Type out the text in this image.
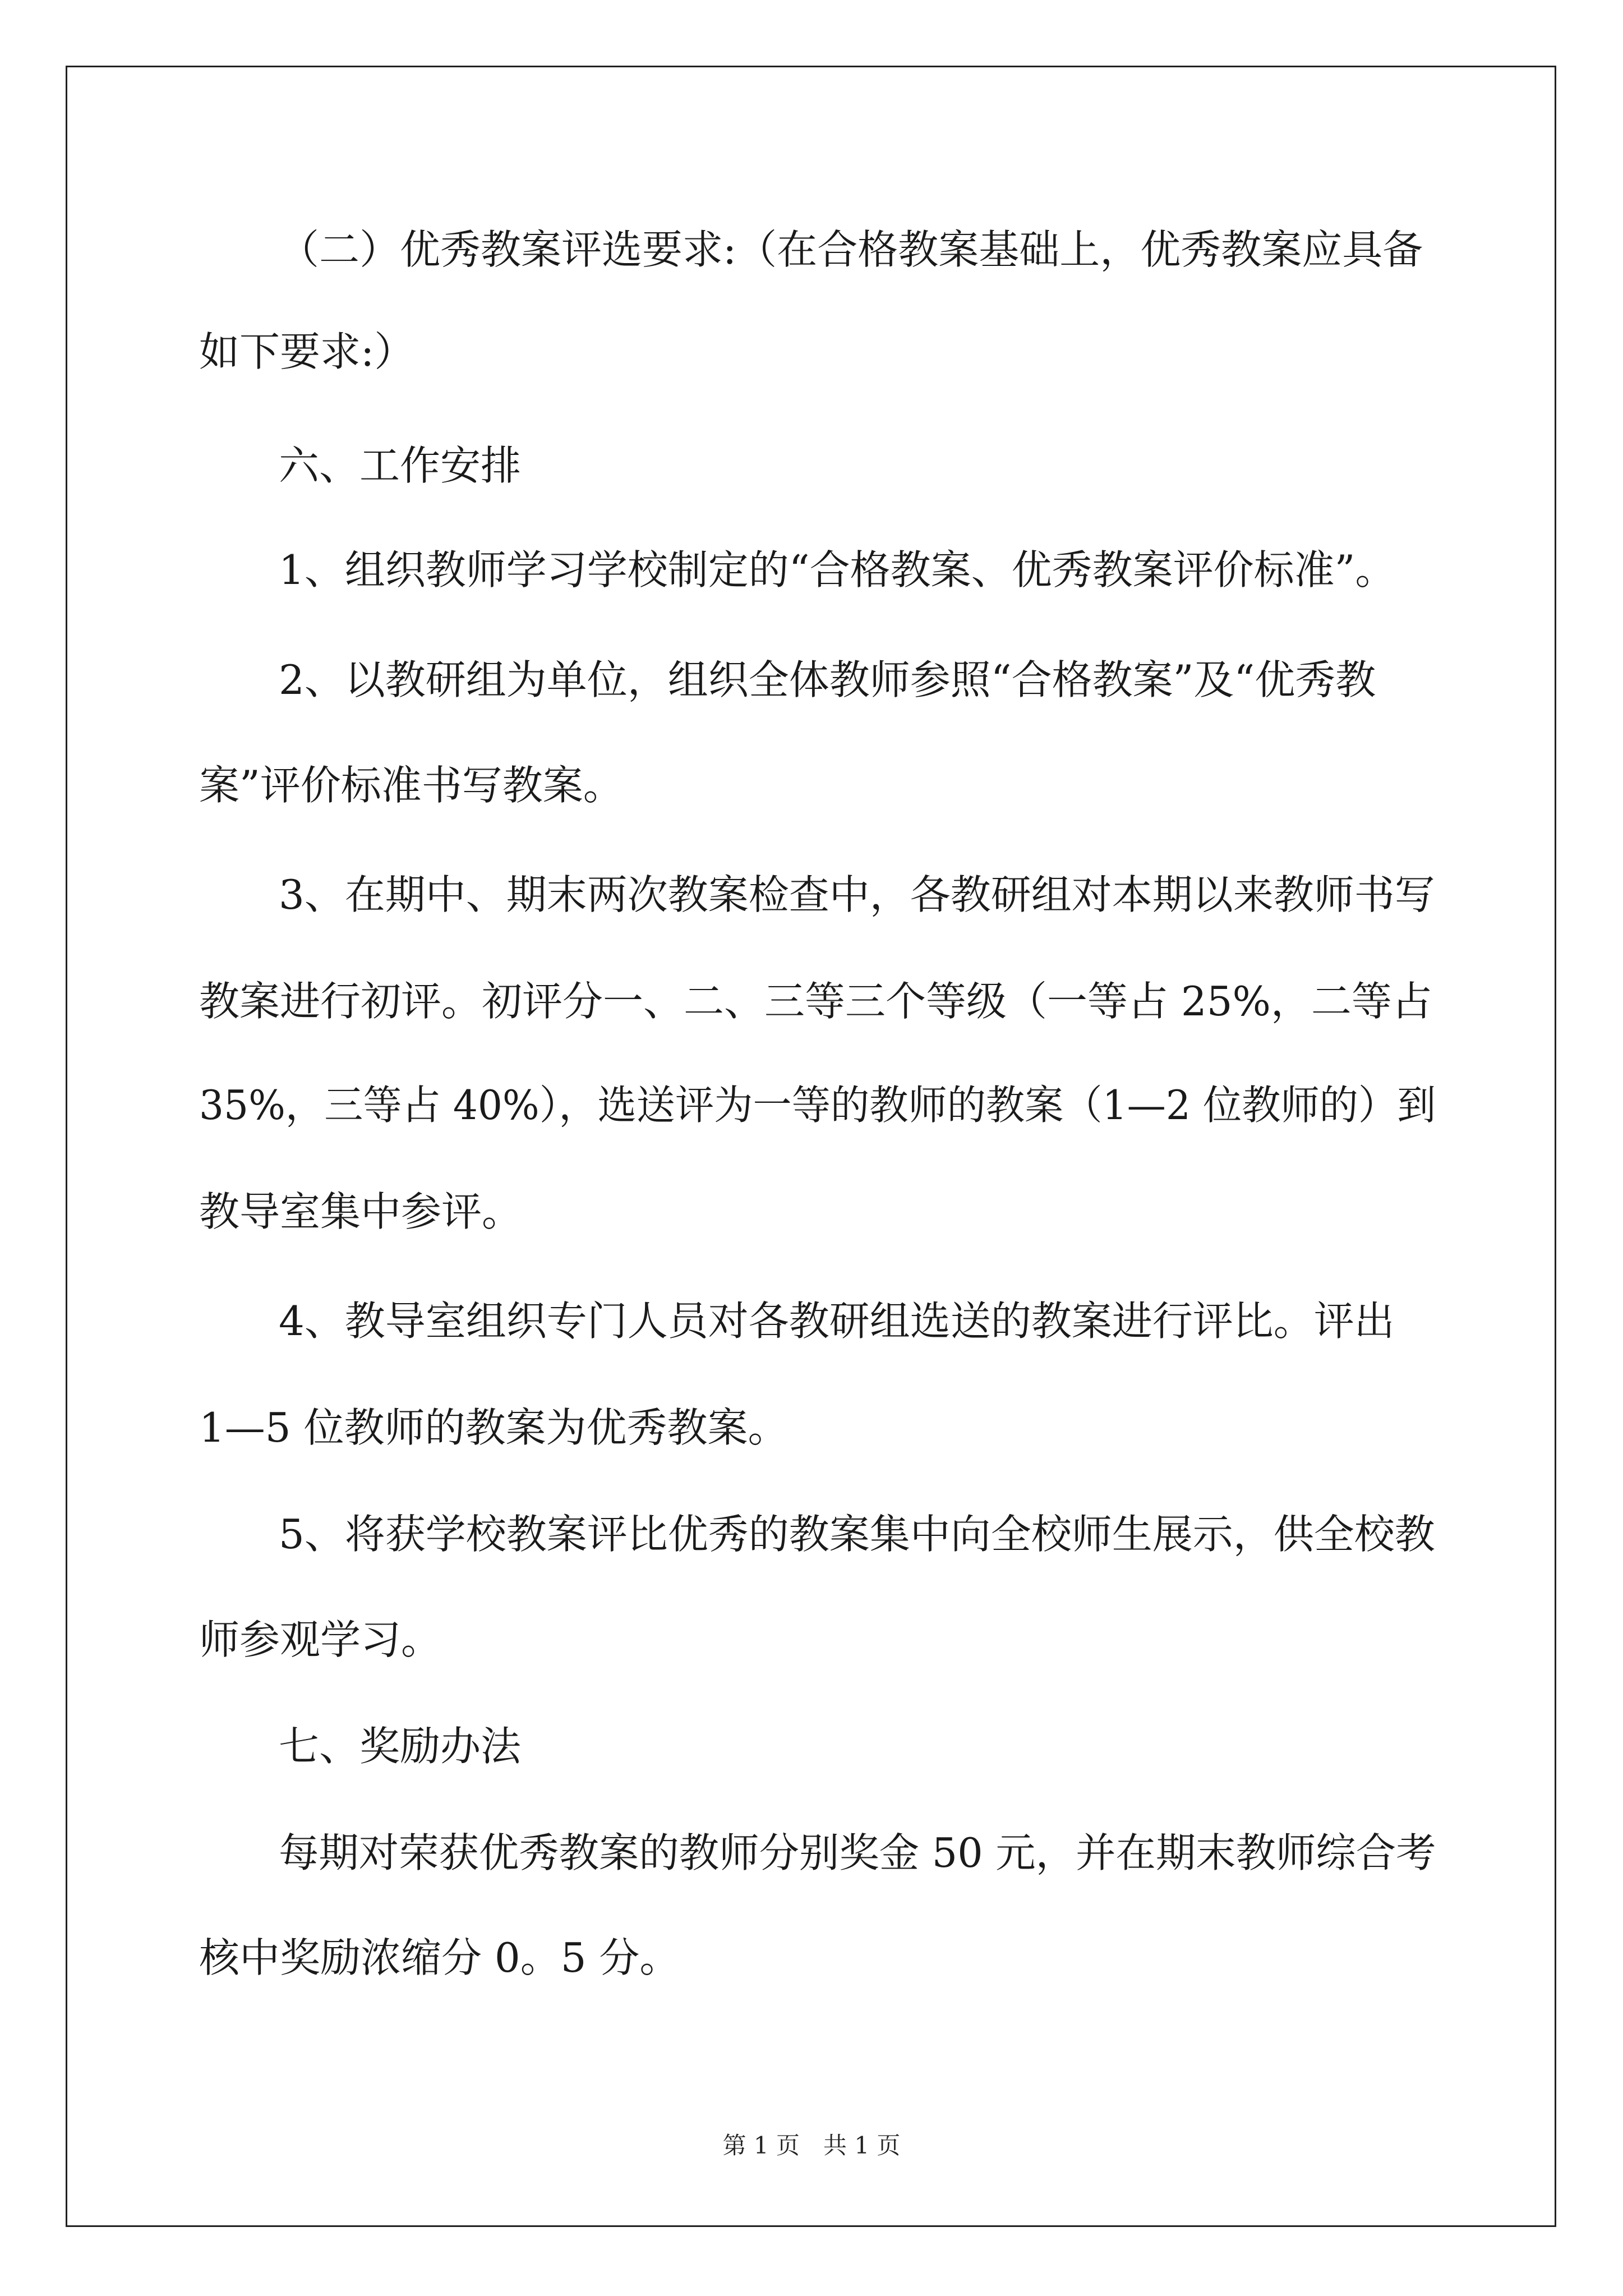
（二）优秀教案评选要求:（在合格教案基础上，优秀教案应具备
如下要求:）
六、工作安排
1、组织教师学习学校制定的“合格教案、优秀教案评价标准”。
2、以教研组为单位，组织全体教师参照“合格教案”及“优秀教
案”评价标准书写教案。
3、在期中、期末两次教案检查中，各教研组对本期以来教师书写
教案进行初评。初评分一、二、三等三个等级（一等占 25%，二等占
35%，三等占 40%），选送评为一等的教师的教案（1—2 位教师的）到
教导室集中参评。
4、教导室组织专门人员对各教研组选送的教案进行评比。评出
1—5 位教师的教案为优秀教案。
5、将获学校教案评比优秀的教案集中向全校师生展示，供全校教
师参观学习。
七、奖励办法
每期对荣获优秀教案的教师分别奖金 50 元，并在期末教师综合考
核中奖励浓缩分 0。5 分。
第 1 页　共 1 页
